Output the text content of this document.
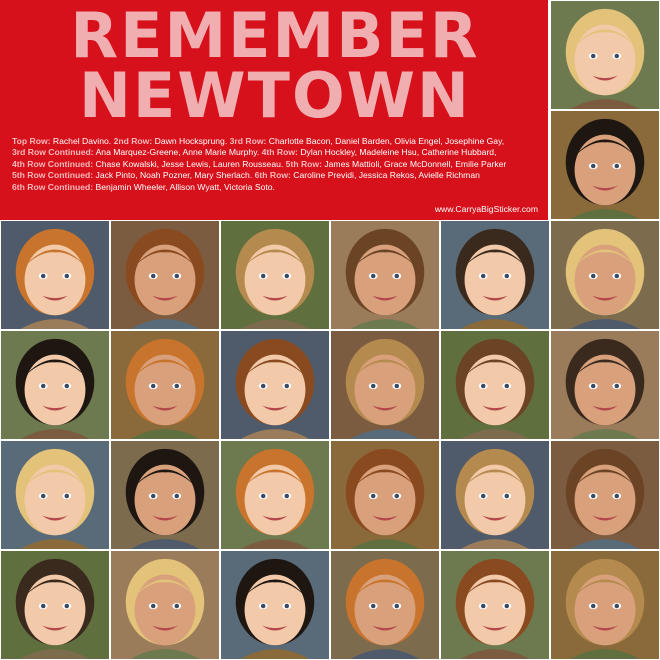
REMEMBER
NEWTOWN
Top Row: Rachel Davino. 2nd Row: Dawn Hocksprung. 3rd Row: Charlotte Bacon, Daniel Barden, Olivia Engel, Josephine Gay,
3rd Row Continued: Ana Marquez-Greene, Anne Marie Murphy. 4th Row: Dylan Hockley, Madeleine Hsu, Catherine Hubbard,
4th Row Continued: Chase Kowalski, Jesse Lewis, Lauren Rousseau. 5th Row: James Mattioli, Grace McDonnell, Emilie Parker
5th Row Continued: Jack Pinto, Noah Pozner, Mary Sherlach. 6th Row: Caroline Previdi, Jessica Rekos, Avielle Richman
6th Row Continued: Benjamin Wheeler, Allison Wyatt, Victoria Soto.
www.CarryaBigSticker.com
